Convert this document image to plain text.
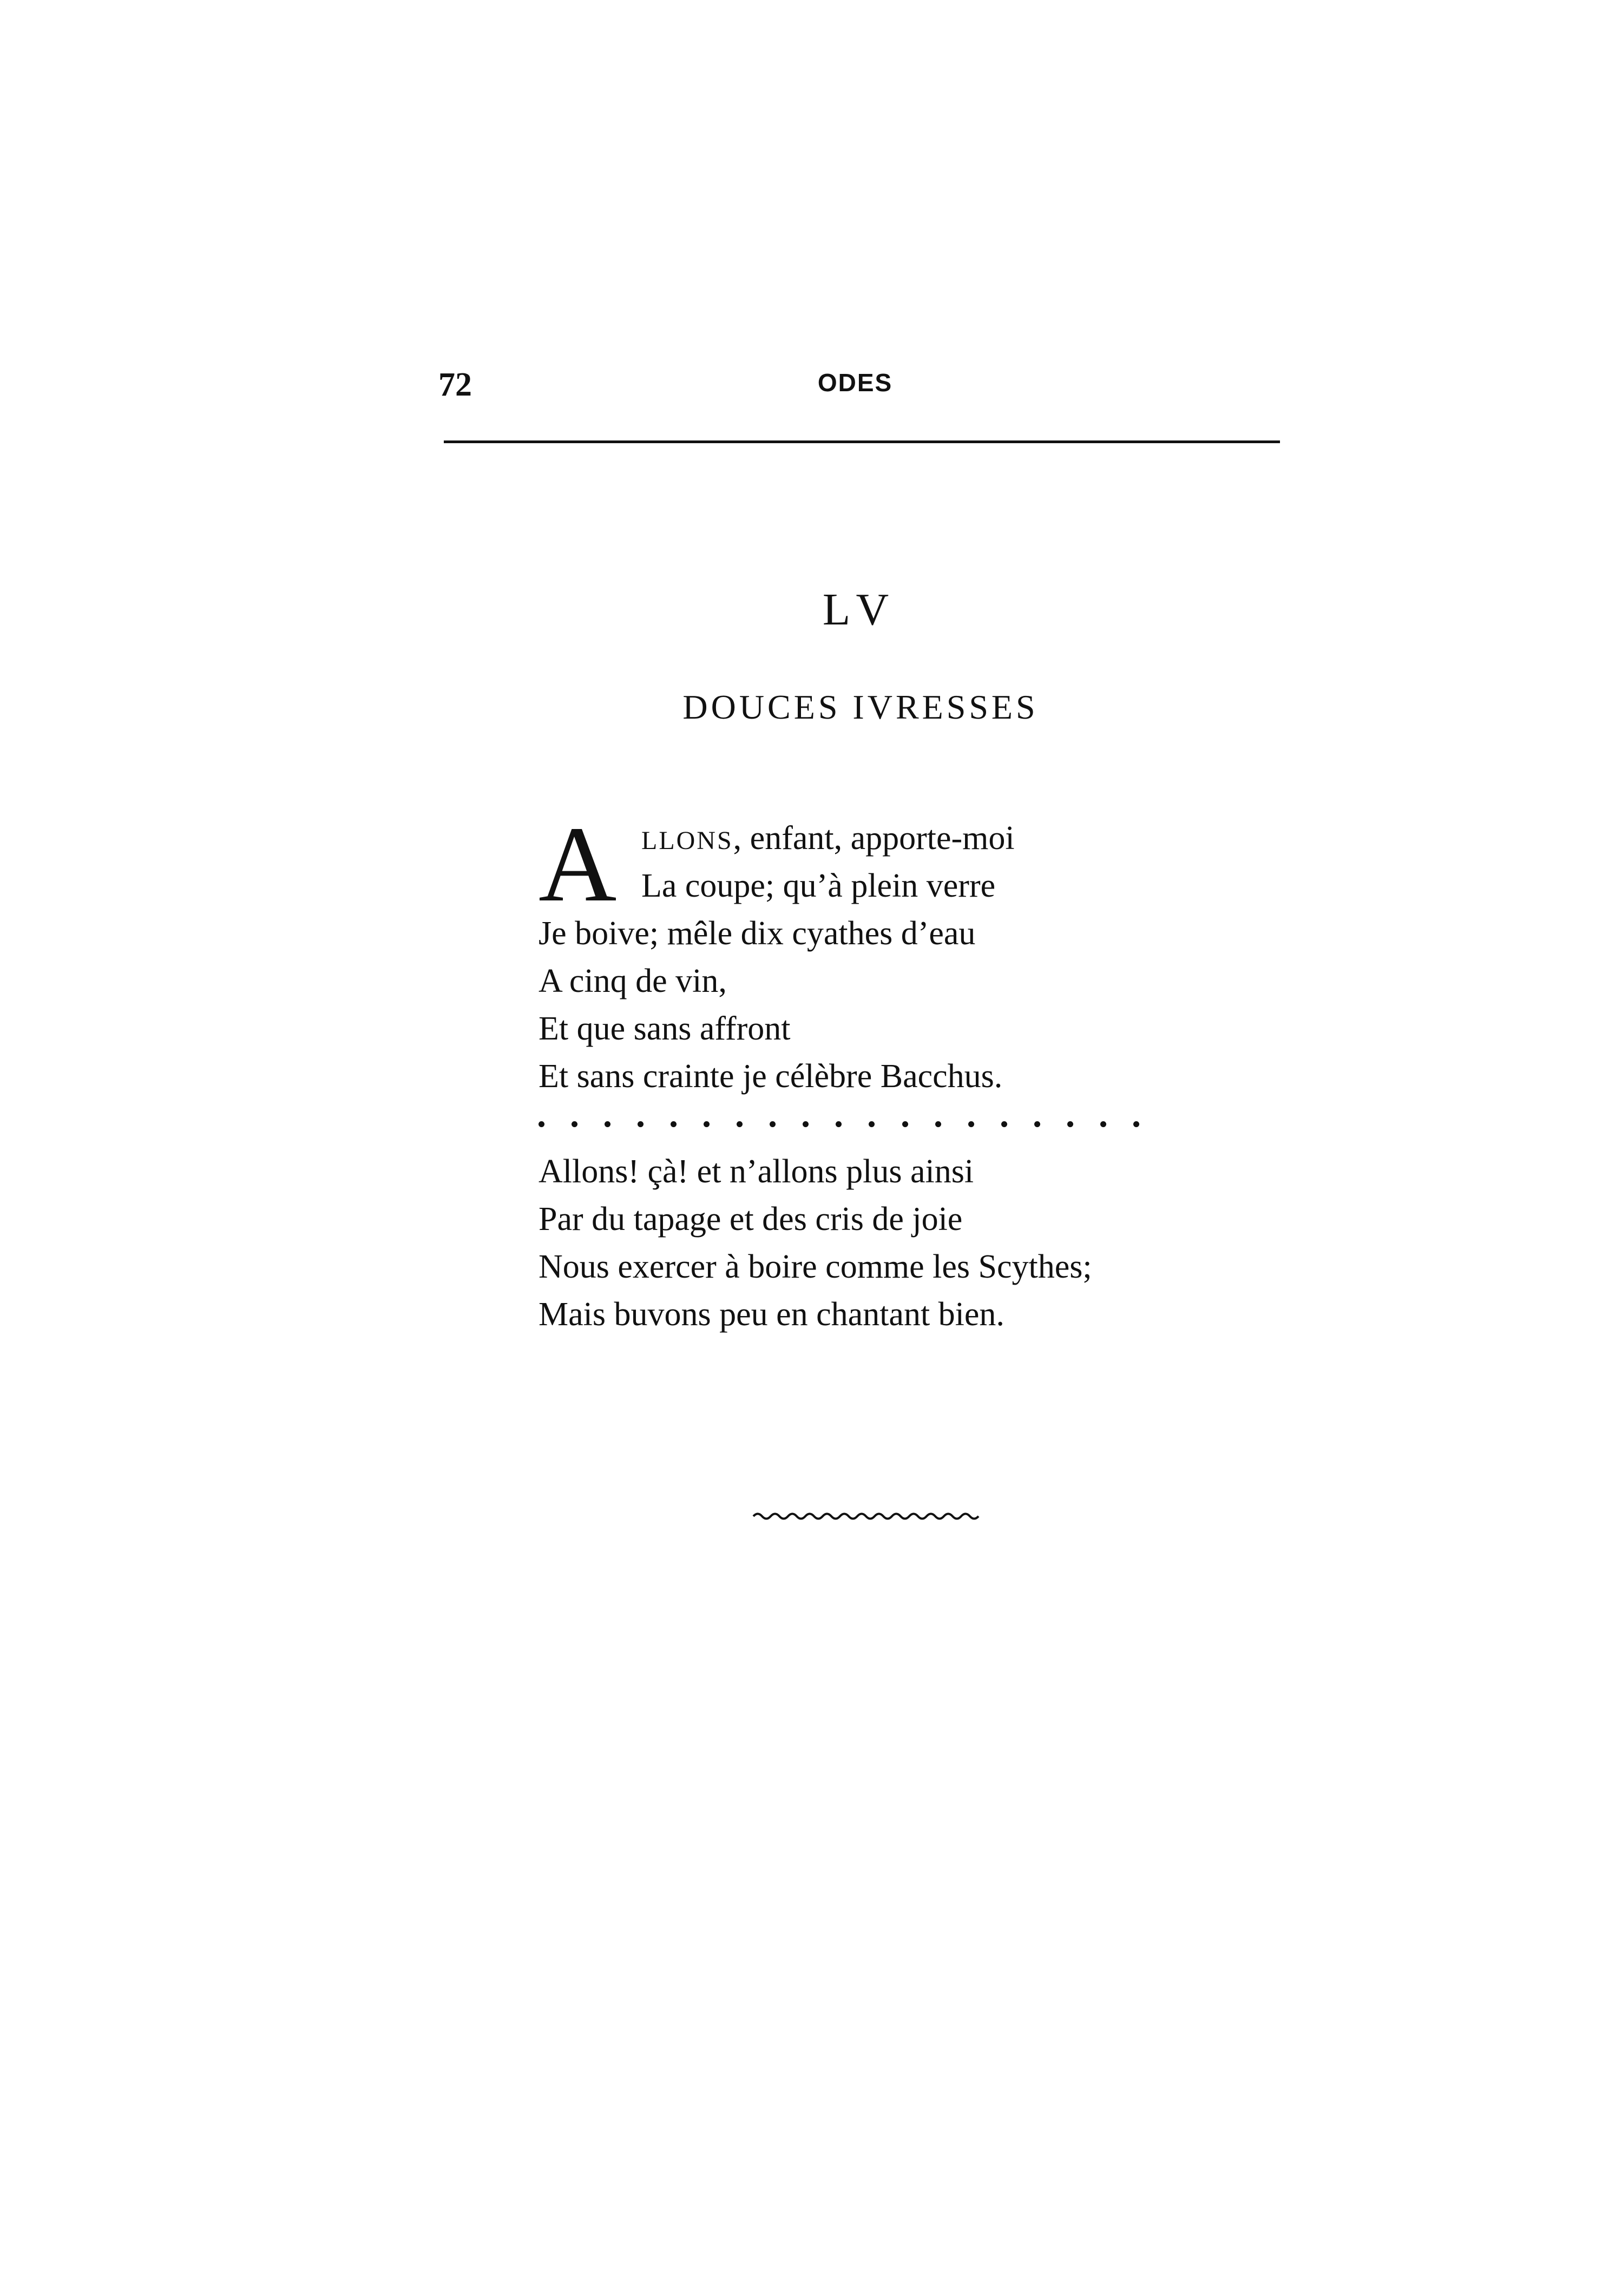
72	ODES
LV
DOUCES IVRESSES
A LLONS, enfant, apporte-moi
La coupe; qu’à plein verre
Je boive; mêle dix cyathes d’eau
A cinq de vin,
Et que sans affront
Et sans crainte je célèbre Bacchus.
Allons! çà! et n’allons plus ainsi
Par du tapage et des cris de joie
Nous exercer à boire comme les Scythes;
Mais buvons peu en chantant bien.
